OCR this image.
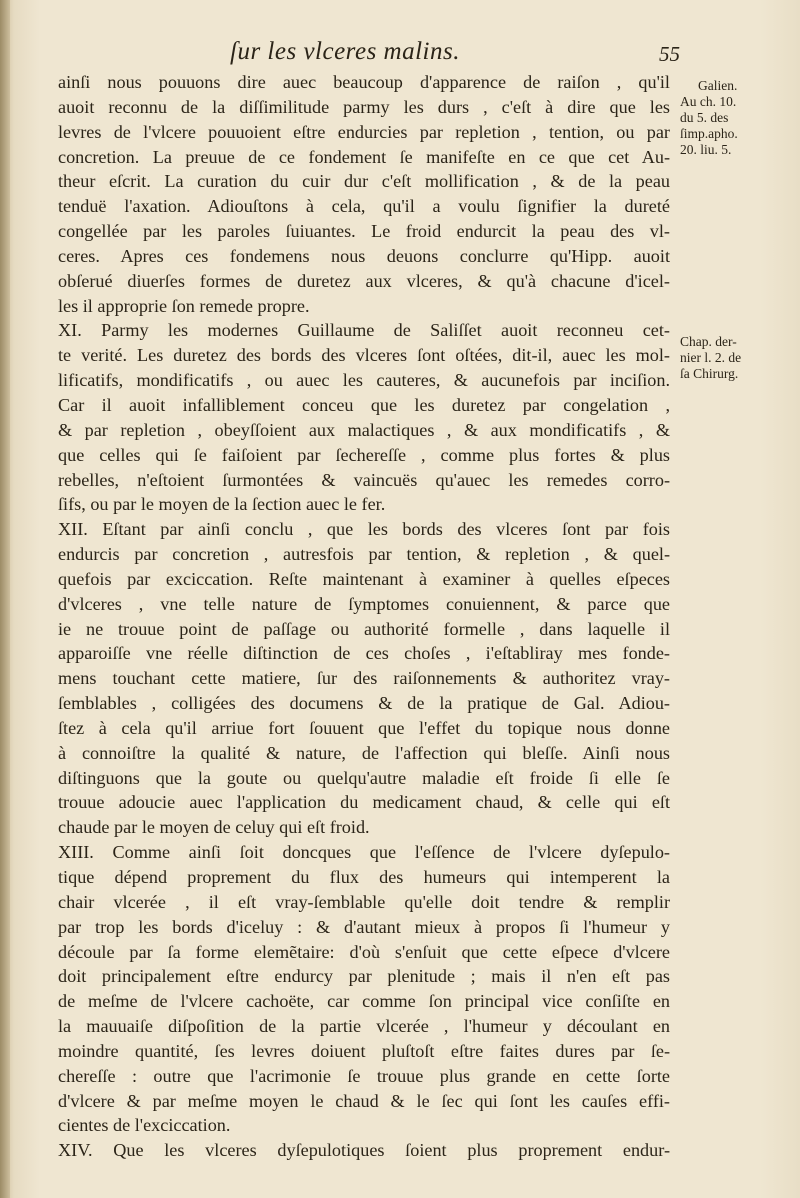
ſur les vlceres malins.	55
ainſi nous pouuons dire auec beaucoup d'apparence de raiſon , qu'il
auoit reconnu de la diſſimilitude parmy les durs , c'eſt à dire que les
levres de l'vlcere pouuoient eſtre endurcies par repletion , tention, ou par
concretion. La preuue de ce fondement ſe manifeſte en ce que cet Au-
theur eſcrit. La curation du cuir dur c'eſt mollification , & de la peau
tenduë l'axation. Adiouſtons à cela, qu'il a voulu ſignifier la dureté
congellée par les paroles ſuiuantes. Le froid endurcit la peau des vl-
ceres. Apres ces fondemens nous deuons conclurre qu'Hipp. auoit
obſerué diuerſes formes de duretez aux vlceres, & qu'à chacune d'icel-
les il approprie ſon remede propre.
XI. Parmy les modernes Guillaume de Saliſſet auoit reconneu cet-
te verité. Les duretez des bords des vlceres ſont oſtées, dit-il, auec les mol-
lificatifs, mondificatifs , ou auec les cauteres, & aucunefois par inciſion.
Car il auoit infalliblement conceu que les duretez par congelation ,
& par repletion , obeyſſoient aux malactiques , & aux mondificatifs , &
que celles qui ſe faiſoient par ſechereſſe , comme plus fortes & plus
rebelles, n'eſtoient ſurmontées & vaincuës qu'auec les remedes corro-
ſifs, ou par le moyen de la ſection auec le fer.
XII. Eſtant par ainſi conclu , que les bords des vlceres ſont par fois
endurcis par concretion , autresfois par tention, & repletion , & quel-
quefois par exciccation. Reſte maintenant à examiner à quelles eſpeces
d'vlceres , vne telle nature de ſymptomes conuiennent, & parce que
ie ne trouue point de paſſage ou authorité formelle , dans laquelle il
apparoiſſe vne réelle diſtinction de ces choſes , i'eſtabliray mes fonde-
mens touchant cette matiere, ſur des raiſonnements & authoritez vray-
ſemblables , colligées des documens & de la pratique de Gal. Adiou-
ſtez à cela qu'il arriue fort ſouuent que l'effet du topique nous donne
à connoiſtre la qualité & nature, de l'affection qui bleſſe. Ainſi nous
diſtinguons que la goute ou quelqu'autre maladie eſt froide ſi elle ſe
trouue adoucie auec l'application du medicament chaud, & celle qui eſt
chaude par le moyen de celuy qui eſt froid.
XIII. Comme ainſi ſoit doncques que l'eſſence de l'vlcere dyſepulo-
tique dépend proprement du flux des humeurs qui intemperent la
chair vlcerée , il eſt vray-ſemblable qu'elle doit tendre & remplir
par trop les bords d'iceluy : & d'autant mieux à propos ſi l'humeur y
découle par ſa forme elemẽtaire: d'où s'enſuit que cette eſpece d'vlcere
doit principalement eſtre endurcy par plenitude ; mais il n'en eſt pas
de meſme de l'vlcere cachoëte, car comme ſon principal vice conſiſte en
la mauuaiſe diſpoſition de la partie vlcerée , l'humeur y découlant en
moindre quantité, ſes levres doiuent pluſtoſt eſtre faites dures par ſe-
chereſſe : outre que l'acrimonie ſe trouue plus grande en cette ſorte
d'vlcere & par meſme moyen le chaud & le ſec qui ſont les cauſes effi-
cientes de l'exciccation.
XIV. Que les vlceres dyſepulotiques ſoient plus proprement endur-
Galien.
Au ch. 10.
du 5. des
ſimp.apho.
20. liu. 5.
Chap. der-
nier l. 2. de
ſa Chirurg.
